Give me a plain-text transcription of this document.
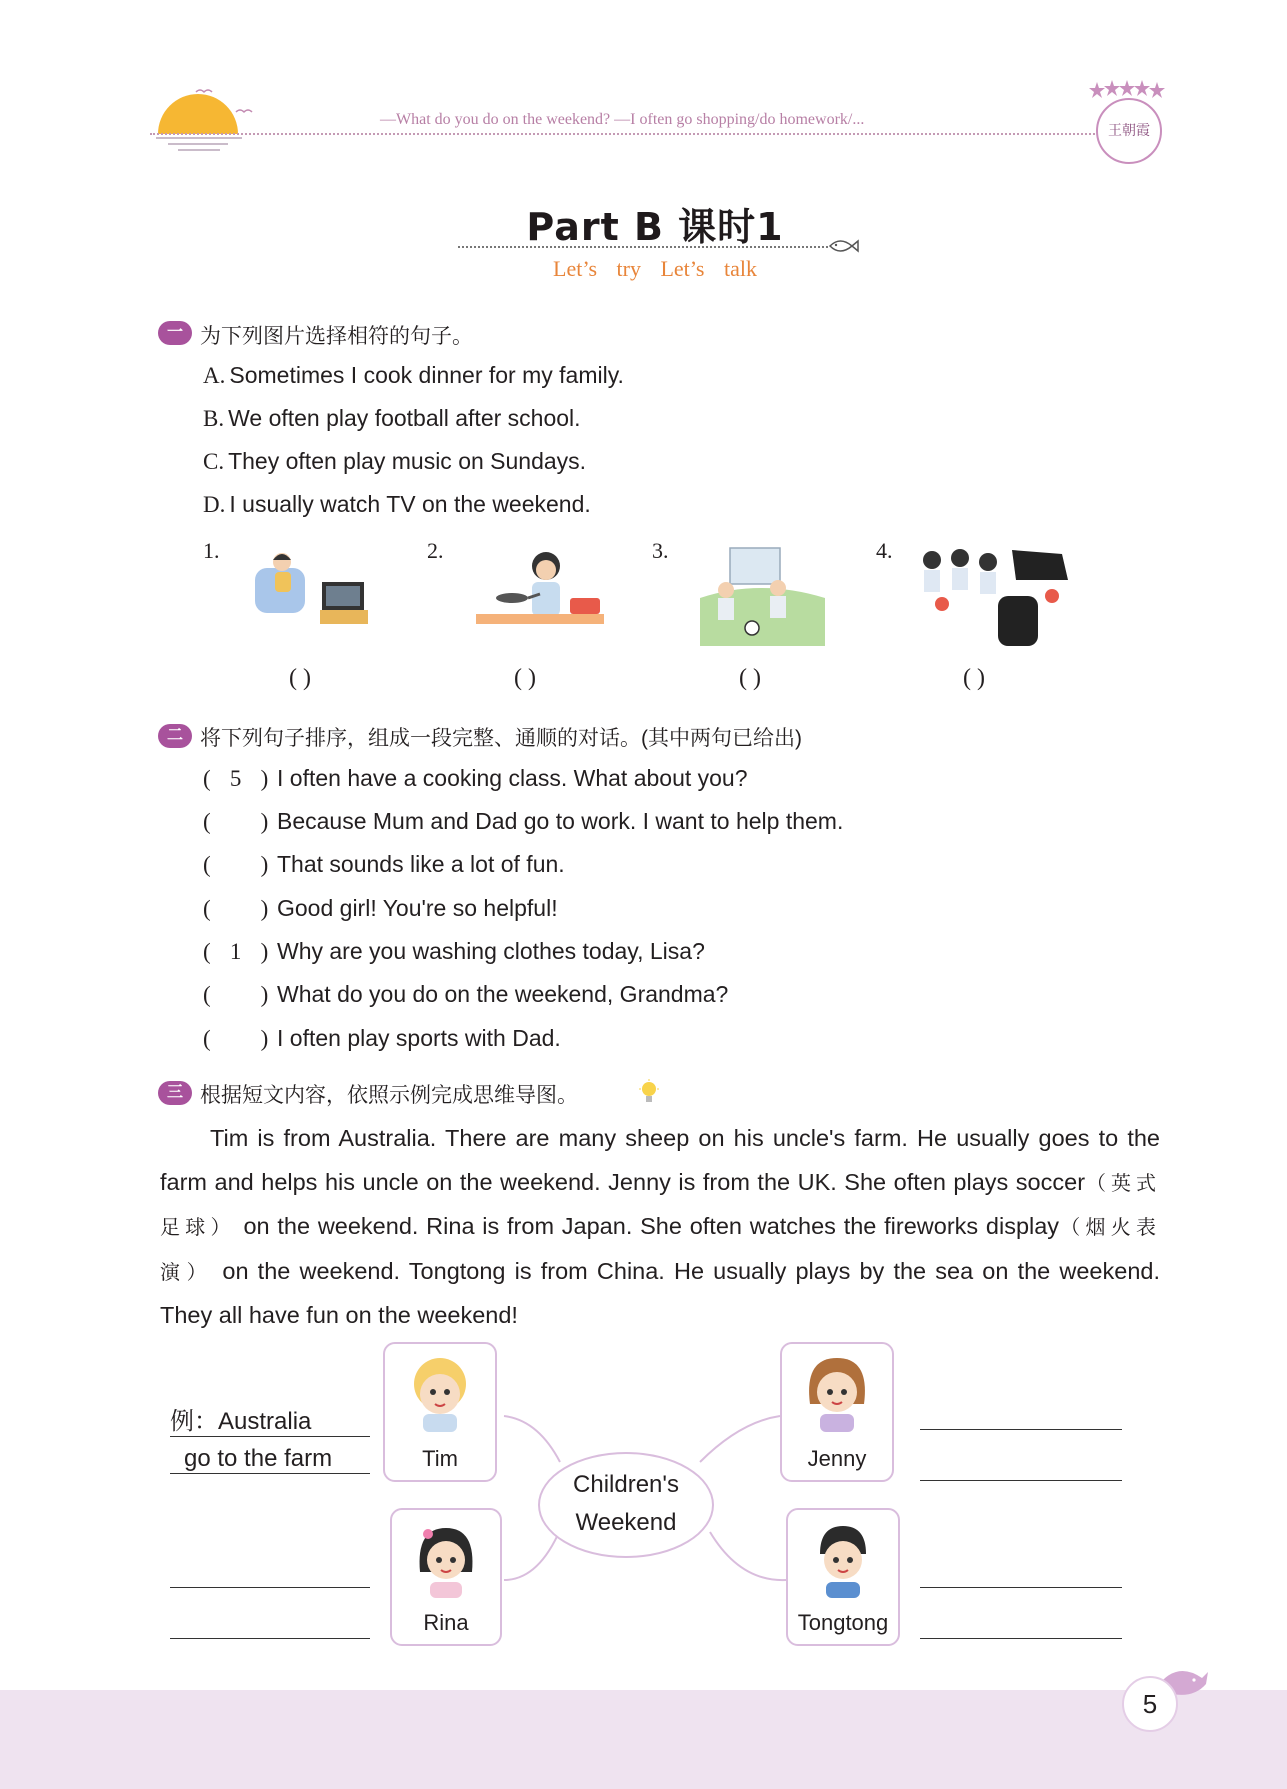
—What do you do on the weekend? —I often go shopping/do homework/...
王朝霞
Part B 课时1
Let’s try Let’s talk
一 为下列图片选择相符的句子。
A. Sometimes I cook dinner for my family.
B. We often play football after school.
C. They often play music on Sundays.
D. I usually watch TV on the weekend.
1.
( )
2.
( )
3.
( )
4.
( )
二 将下列句子排序，组成一段完整、通顺的对话。(其中两句已给出)
( 5 ) I often have a cooking class. What about you?
( ) Because Mum and Dad go to work. I want to help them.
( ) That sounds like a lot of fun.
( ) Good girl! You're so helpful!
( 1 ) Why are you washing clothes today, Lisa?
( ) What do you do on the weekend, Grandma?
( ) I often play sports with Dad.
三 根据短文内容，依照示例完成思维导图。
Tim is from Australia. There are many sheep on his uncle's farm. He usually goes to the farm and helps his uncle on the weekend. Jenny is from the UK. She often plays soccer（英式足球） on the weekend. Rina is from Japan. She often watches the fireworks display（烟火表演） on the weekend. Tongtong is from China. He usually plays by the sea on the weekend. They all have fun on the weekend!
Children's
Weekend
Tim	Jenny
Rina	Tongtong
例：Australia
go to the farm
5
